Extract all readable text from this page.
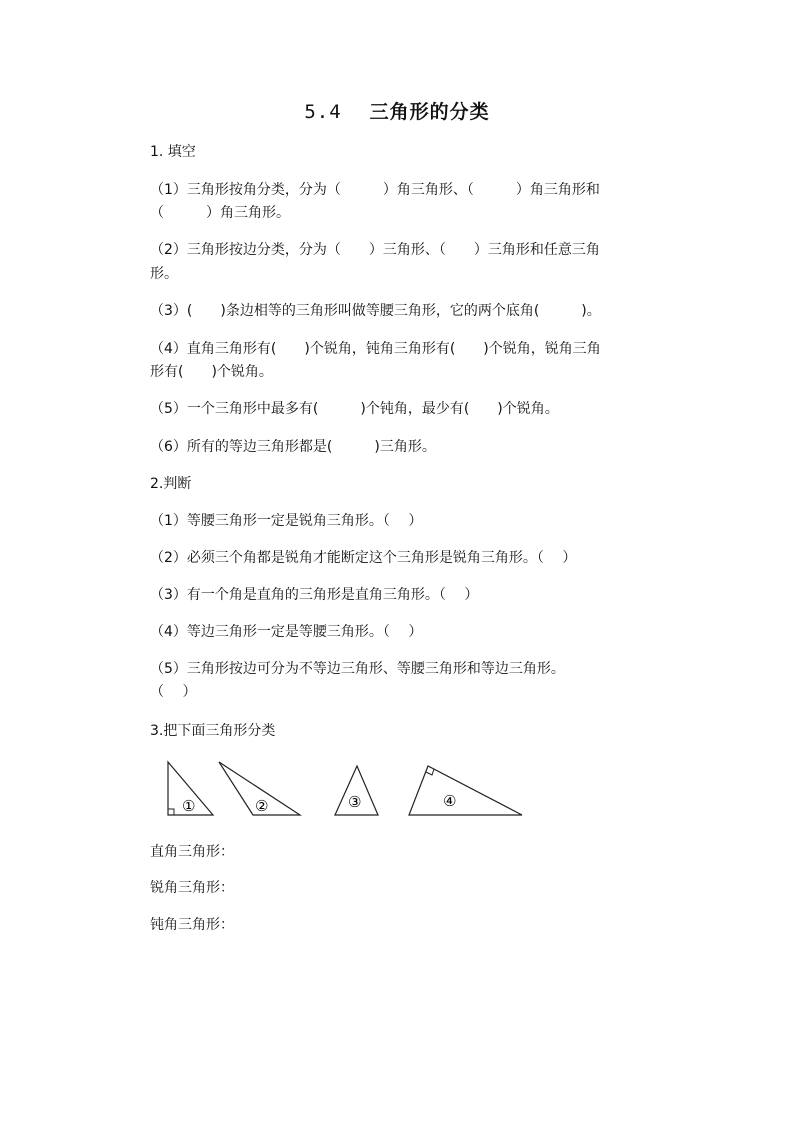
5.4 三角形的分类
1. 填空
（1）三角形按角分类，分为（　　　）角三角形、（　　　）角三角形和
（　　　）角三角形。
（2）三角形按边分类，分为（　　）三角形、（　　）三角形和任意三角
形。
（3）(　　)条边相等的三角形叫做等腰三角形，它的两个底角(　　　)。
（4）直角三角形有(　　)个锐角，钝角三角形有(　　)个锐角，锐角三角
形有(　　)个锐角。
（5）一个三角形中最多有(　　　)个钝角，最少有(　　)个锐角。
（6）所有的等边三角形都是(　　　)三角形。
2.判断
（1）等腰三角形一定是锐角三角形。（　 ）
（2）必须三个角都是锐角才能断定这个三角形是锐角三角形。（　 ）
（3）有一个角是直角的三角形是直角三角形。（　 ）
（4）等边三角形一定是等腰三角形。（　 ）
（5）三角形按边可分为不等边三角形、等腰三角形和等边三角形。
（　 ）
3.把下面三角形分类
①	②	③	④
直角三角形：
锐角三角形：
钝角三角形：
